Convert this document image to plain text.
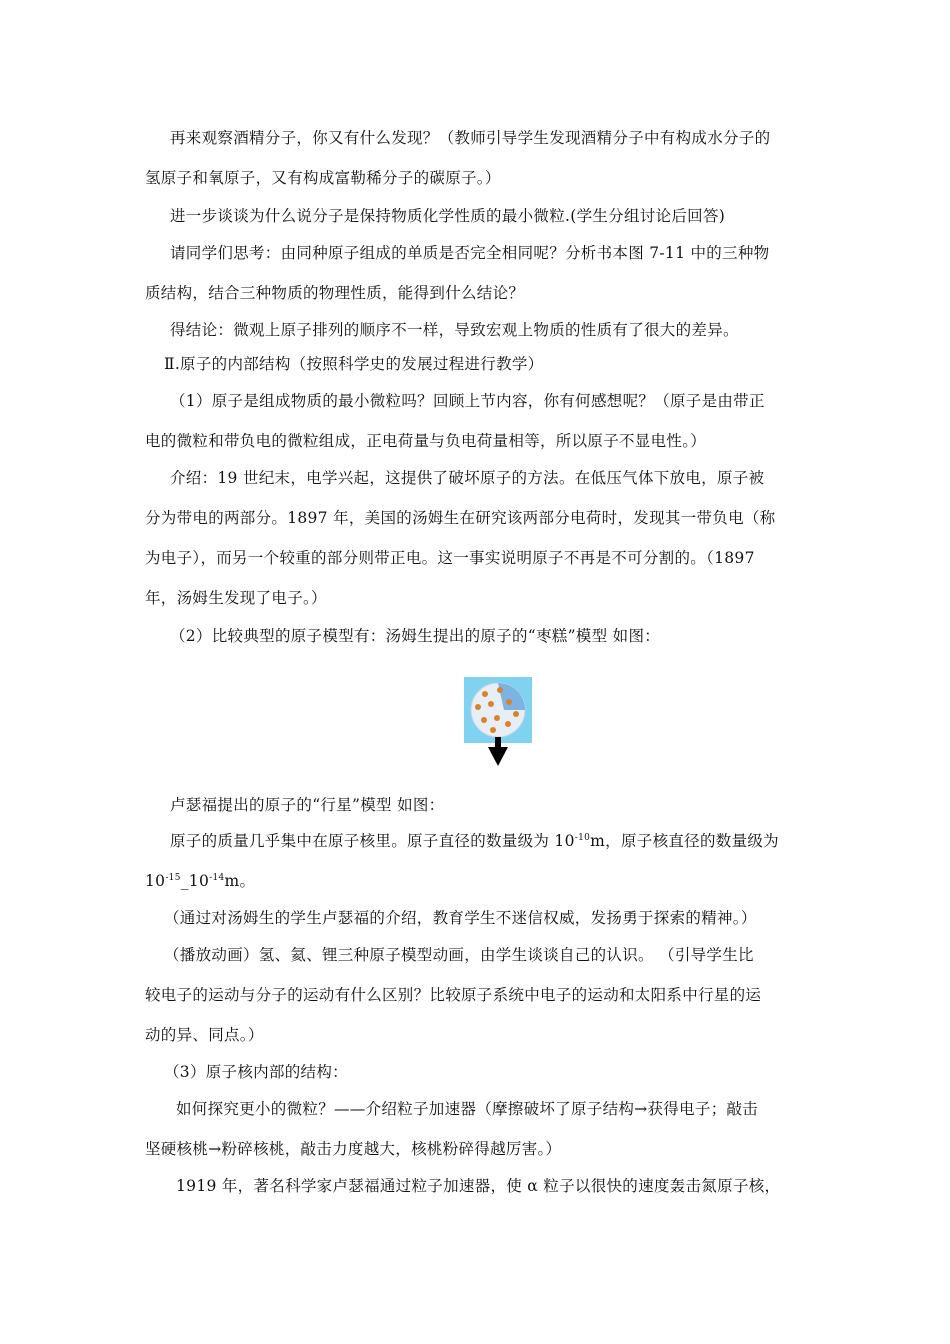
再来观察酒精分子，你又有什么发现？（教师引导学生发现酒精分子中有构成水分子的
氢原子和氧原子，又有构成富勒稀分子的碳原子。）
进一步谈谈为什么说分子是保持物质化学性质的最小微粒.(学生分组讨论后回答)
请同学们思考：由同种原子组成的单质是否完全相同呢？分析书本图 7-11 中的三种物
质结构，结合三种物质的物理性质，能得到什么结论？
得结论：微观上原子排列的顺序不一样，导致宏观上物质的性质有了很大的差异。
Ⅱ.原子的内部结构（按照科学史的发展过程进行教学）
（1）原子是组成物质的最小微粒吗？回顾上节内容，你有何感想呢？（原子是由带正
电的微粒和带负电的微粒组成，正电荷量与负电荷量相等，所以原子不显电性。）
介绍：19 世纪末，电学兴起，这提供了破坏原子的方法。在低压气体下放电，原子被
分为带电的两部分。1897 年，美国的汤姆生在研究该两部分电荷时，发现其一带负电（称
为电子），而另一个较重的部分则带正电。这一事实说明原子不再是不可分割的。（1897
年，汤姆生发现了电子。）
（2）比较典型的原子模型有：汤姆生提出的原子的“枣糕”模型 如图：
卢瑟福提出的原子的“行星”模型 如图：
原子的质量几乎集中在原子核里。原子直径的数量级为 $10^{-10}m$，原子核直径的数量级为
$10^{-15}\_10^{-14}m$。
（通过对汤姆生的学生卢瑟福的介绍，教育学生不迷信权威，发扬勇于探索的精神。）
（播放动画）氢、氦、锂三种原子模型动画，由学生谈谈自己的认识。 （引导学生比
较电子的运动与分子的运动有什么区别？比较原子系统中电子的运动和太阳系中行星的运
动的异、同点。）
（3）原子核内部的结构：
如何探究更小的微粒？——介绍粒子加速器（摩擦破坏了原子结构→获得电子；敲击
坚硬核桃→粉碎核桃，敲击力度越大，核桃粉碎得越厉害。）
1919 年，著名科学家卢瑟福通过粒子加速器，使 α 粒子以很快的速度轰击氮原子核，
